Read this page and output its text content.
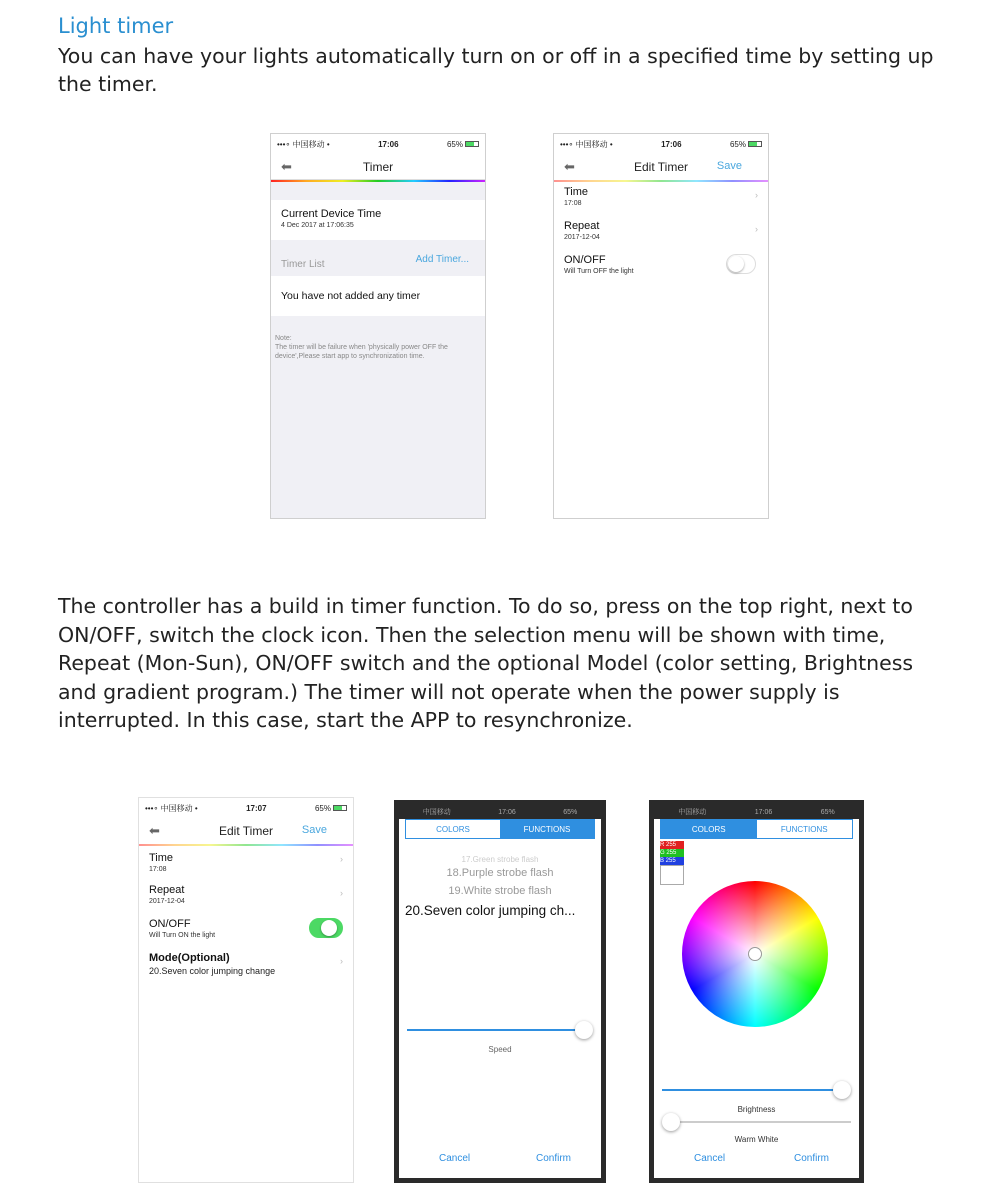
Light timer
You can have your lights automatically turn on or off in a specified time by setting up the timer.
•••∘ 中国移动 •	17:06	65%
⬅	Timer
Current Device Time
4 Dec 2017 at 17:06:35
Timer List	Add Timer...
You have not added any timer
Note:
The timer will be failure when 'physically power OFF the device',Please start app to synchronization time.
•••∘ 中国移动 •	17:06	65%
⬅	Edit Timer	Save
Time
17:08
›
Repeat
2017-12-04
›
ON/OFF
Will Turn OFF the light
The controller has a build in timer function. To do so, press on the top right, next to ON/OFF, switch the clock icon. Then the selection menu will be shown with time, Repeat (Mon-Sun), ON/OFF switch and the optional Model (color setting, Brightness and gradient program.) The timer will not operate when the power supply is interrupted. In this case, start the APP to resynchronize.
•••∘ 中国移动 •	17:07	65%
⬅	Edit Timer	Save
Time
17:08
›
Repeat
2017-12-04
›
ON/OFF
Will Turn ON the light
Mode(Optional)
20.Seven color jumping change
›
中国移动	17:06	65%
COLORS	FUNCTIONS
17.Green strobe flash
18.Purple strobe flash
19.White strobe flash
20.Seven color jumping ch...
Speed
Cancel	Confirm
中国移动	17:06	65%
COLORS	FUNCTIONS
R 255
G 255
B 255
Brightness
Warm White
Cancel	Confirm
